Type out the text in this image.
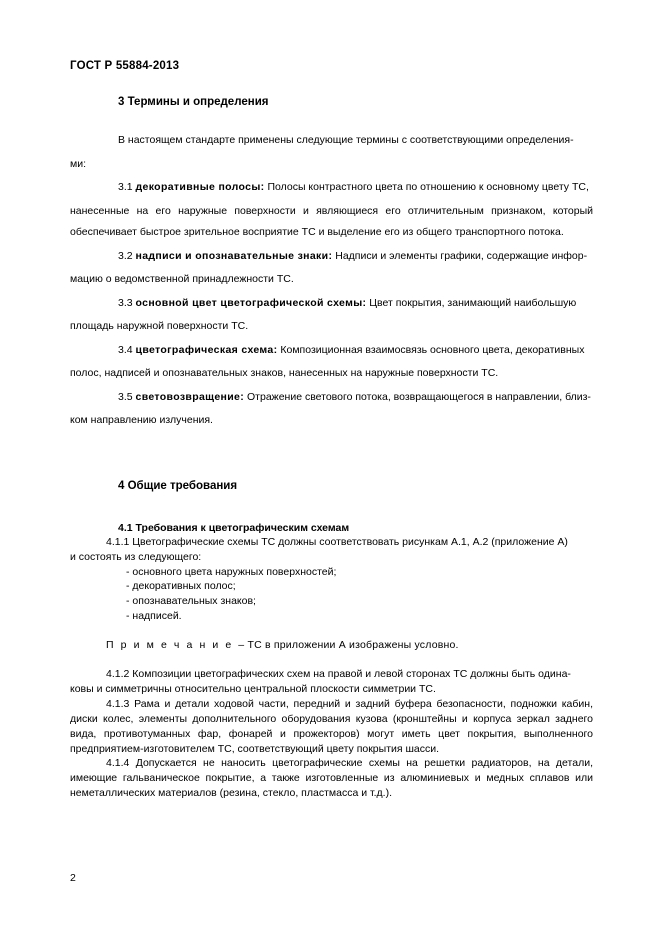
ГОСТ Р 55884-2013
3 Термины и определения

В настоящем стандарте применены следующие термины с соответствующими определения-

ми:

3.1 декоративные полосы: Полосы контрастного цвета по отношению к основному цвету ТС,

нанесенные на его наружные поверхности и являющиеся его отличительным признаком, который обеспечивает быстрое зрительное восприятие ТС и выделение его из общего транспортного потока.

3.2 надписи и опознавательные знаки: Надписи и элементы графики, содержащие инфор-

мацию о ведомственной принадлежности ТС.

3.3 основной цвет цветографической схемы: Цвет покрытия, занимающий наибольшую

площадь наружной поверхности ТС.

3.4 цветографическая схема: Композиционная взаимосвязь основного цвета, декоративных

полос, надписей и опознавательных знаков, нанесенных на наружные поверхности ТС.

3.5 световозвращение: Отражение светового потока, возвращающегося в направлении, близ-

ком направлению излучения.

4 Общие требования
4.1 Требования к цветографическим схемам

4.1.1 Цветографические схемы ТС должны соответствовать рисункам А.1, А.2 (приложение А)

и состоять из следующего:

- основного цвета наружных поверхностей;

- декоративных полос;

- опознавательных знаков;

- надписей.

П р и м е ч а н и е – ТС в приложении А изображены условно.

4.1.2 Композиции цветографических схем на правой и левой сторонах ТС должны быть одина-

ковы и симметричны относительно центральной плоскости симметрии ТС.

4.1.3 Рама и детали ходовой части, передний и задний буфера безопасности, подножки кабин, диски колес, элементы дополнительного оборудования кузова (кронштейны и корпуса зеркал заднего вида, противотуманных фар, фонарей и прожекторов) могут иметь цвет покрытия, выполненного предприятием-изготовителем ТС, соответствующий цвету покрытия шасси.

4.1.4 Допускается не наносить цветографические схемы на решетки радиаторов, на детали, имеющие гальваническое покрытие, а также изготовленные из алюминиевых и медных сплавов или неметаллических материалов (резина, стекло, пластмасса и т.д.).

2
